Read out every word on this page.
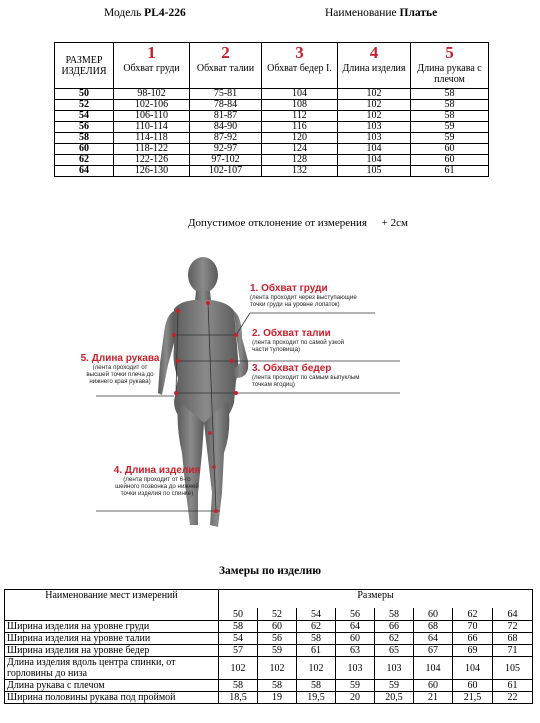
Модель PL4-226	Наименование Платье
РАЗМЕР ИЗДЕЛИЯ	1	2	3	4	5
	Обхват груди	Обхват талии	Обхват бедер I.	Длина изделия	Длина рукава с плечом
50	98-102	75-81	104	102	58
52	102-106	78-84	108	102	58
54	106-110	81-87	112	102	58
56	110-114	84-90	116	103	59
58	114-118	87-92	120	103	59
60	118-122	92-97	124	104	60
62	122-126	97-102	128	104	60
64	126-130	102-107	132	105	61
Допустимое отклонение от измерения + 2см
1. Обхват груди
(лента проходит через выступающие
точки груди на уровне лопаток)
2. Обхват талии
(лента проходит по самой узкой
части туловища)
3. Обхват бедер
(лента проходит по самым выпуклым
точкам ягодиц)
5. Длина рукава
(лента проходит от
высшей точки плеча до
нижнего края рукава)
4. Длина изделия
(лента проходит от 6-го
шейного позвонка до нижней
точки изделия по спинке)
Замеры по изделию
Наименование мест измерений	Размеры							
	50	52	54	56	58	60	62	64
Ширина изделия на уровне груди	58	60	62	64	66	68	70	72
Ширина изделия на уровне талии	54	56	58	60	62	64	66	68
Ширина изделия на уровне бедер	57	59	61	63	65	67	69	71
Длина изделия вдоль центра спинки, от горловины до низа	102	102	102	103	103	104	104	105
Длина рукава с плечом	58	58	58	59	59	60	60	61
Ширина половины рукава под проймой	18,5	19	19,5	20	20,5	21	21,5	22
